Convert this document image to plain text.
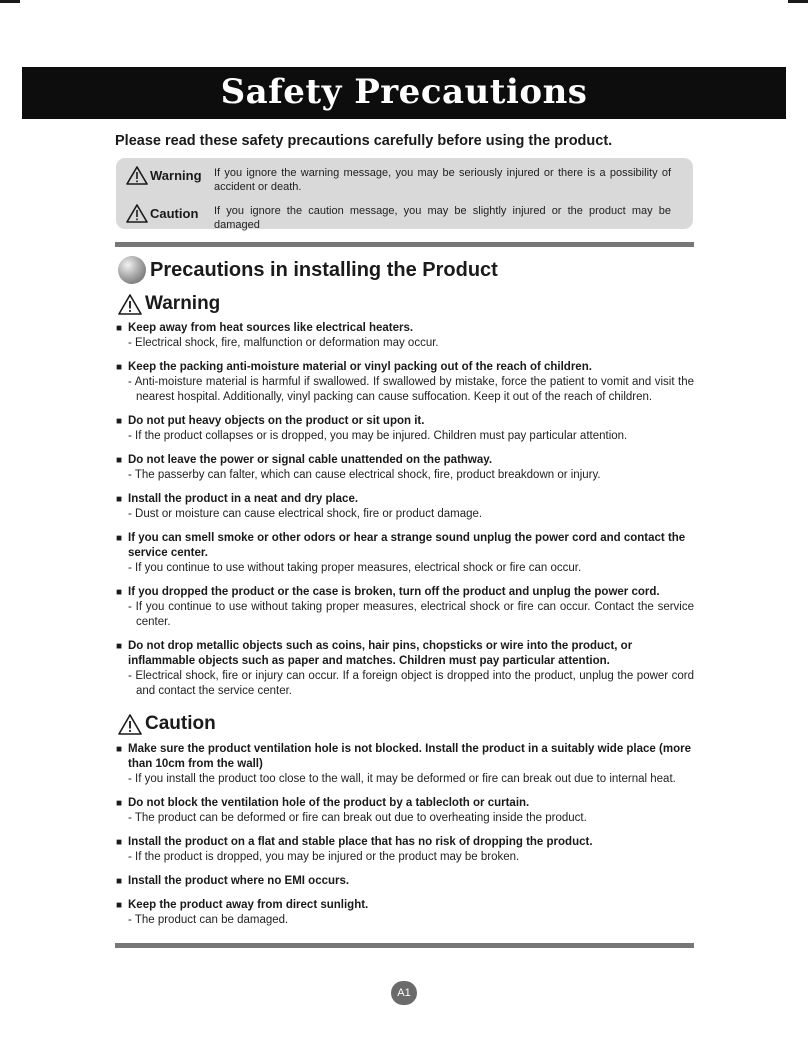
Safety Precautions

Please read these safety precautions carefully before using the product.

Warning If you ignore the warning message, you may be seriously injured or there is a possibility of accident or death.
Caution If you ignore the caution message, you may be slightly injured or the product may be damaged
Precautions in installing the Product
Warning
■ Keep away from heat sources like electrical heaters.
- Electrical shock, fire, malfunction or deformation may occur.
■ Keep the packing anti-moisture material or vinyl packing out of the reach of children.
- Anti-moisture material is harmful if swallowed. If swallowed by mistake, force the patient to vomit and visit the nearest hospital. Additionally, vinyl packing can cause suffocation. Keep it out of the reach of children.
■ Do not put heavy objects on the product or sit upon it.
- If the product collapses or is dropped, you may be injured. Children must pay particular attention.
■ Do not leave the power or signal cable unattended on the pathway.
- The passerby can falter, which can cause electrical shock, fire, product breakdown or injury.
■ Install the product in a neat and dry place.
- Dust or moisture can cause electrical shock, fire or product damage.
■ If you can smell smoke or other odors or hear a strange sound unplug the power cord and contact the service center.
- If you continue to use without taking proper measures, electrical shock or fire can occur.
■ If you dropped the product or the case is broken, turn off the product and unplug the power cord.
- If you continue to use without taking proper measures, electrical shock or fire can occur. Contact the service center.
■ Do not drop metallic objects such as coins, hair pins, chopsticks or wire into the product, or inflammable objects such as paper and matches. Children must pay particular attention.
- Electrical shock, fire or injury can occur. If a foreign object is dropped into the product, unplug the power cord and contact the service center.
Caution
■ Make sure the product ventilation hole is not blocked. Install the product in a suitably wide place (more than 10cm from the wall)
- If you install the product too close to the wall, it may be deformed or fire can break out due to internal heat.
■ Do not block the ventilation hole of the product by a tablecloth or curtain.
- The product can be deformed or fire can break out due to overheating inside the product.
■ Install the product on a flat and stable place that has no risk of dropping the product.
- If the product is dropped, you may be injured or the product may be broken.
■ Install the product where no EMI occurs.
■ Keep the product away from direct sunlight.
- The product can be damaged.
A1
